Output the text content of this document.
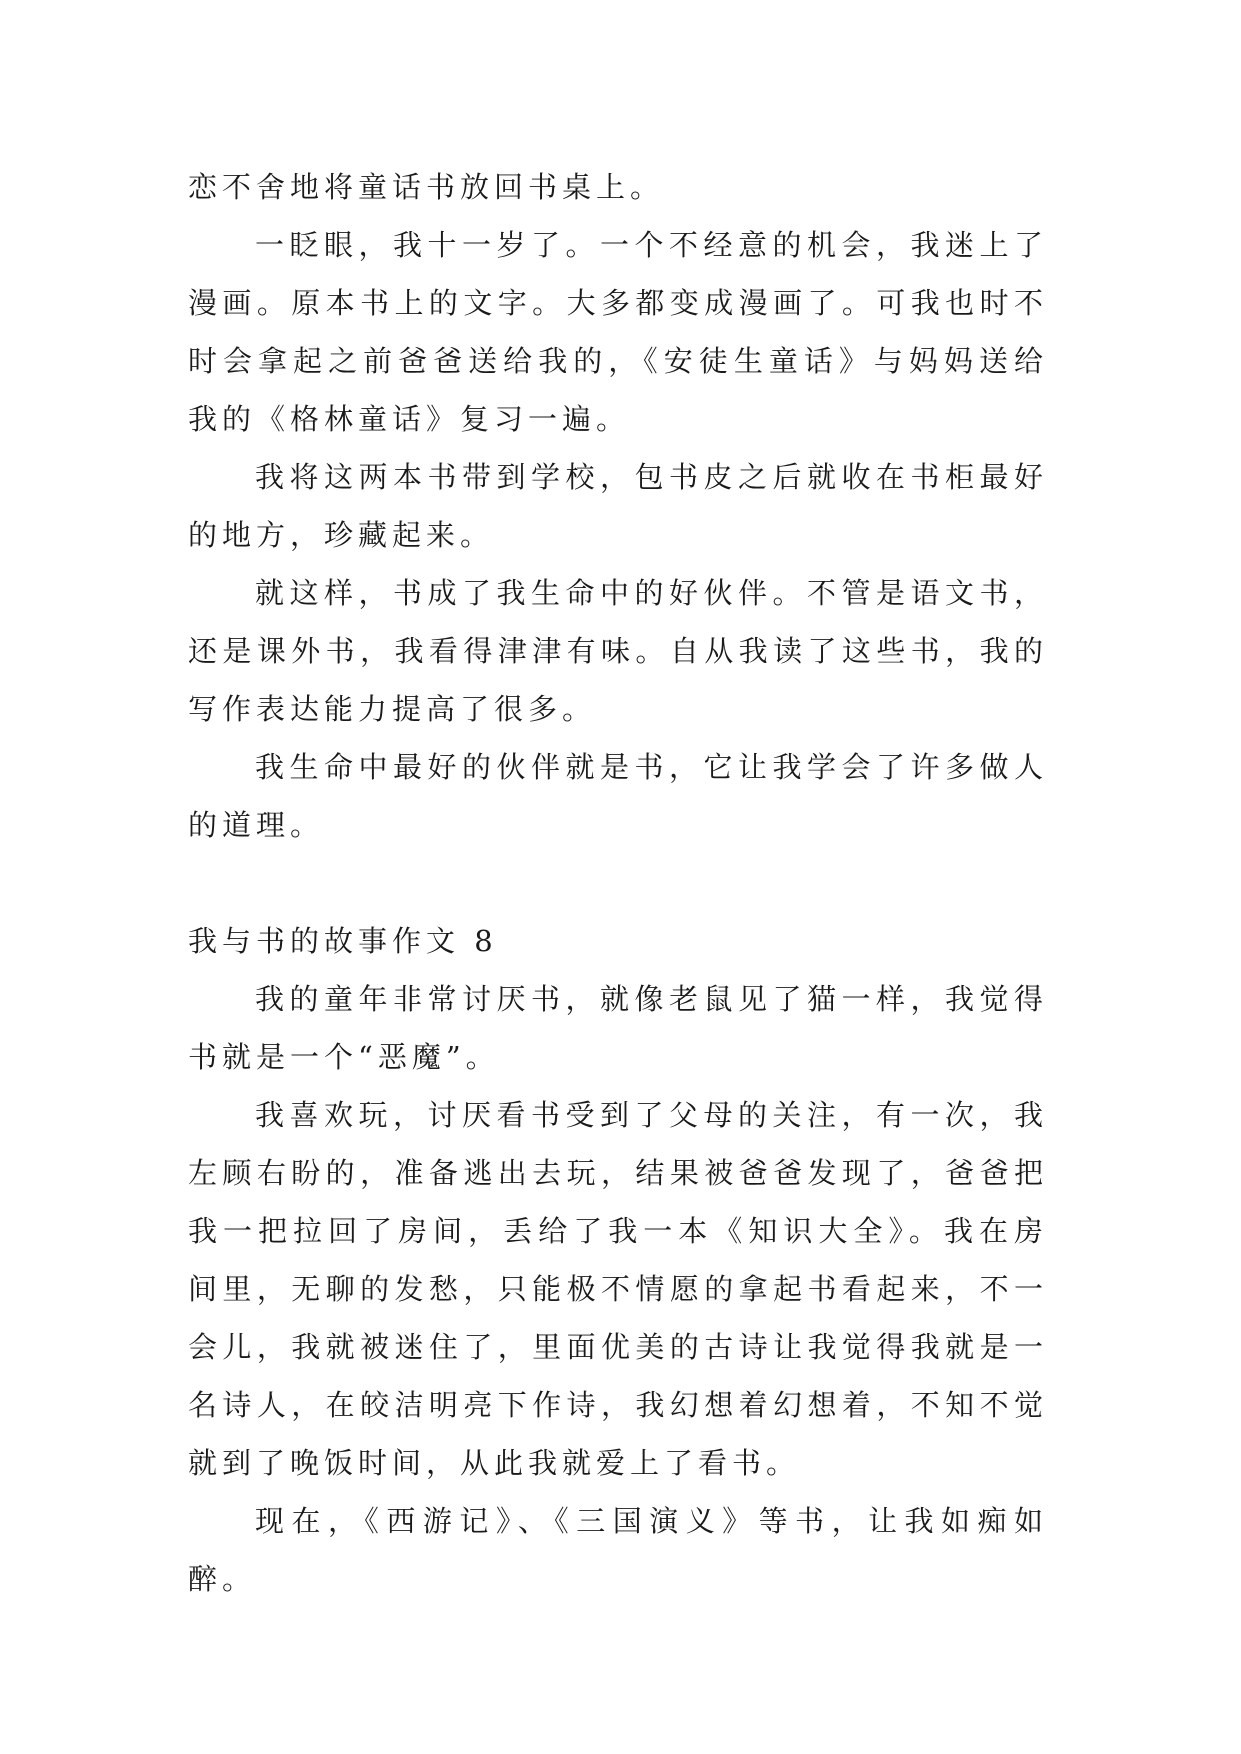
恋不舍地将童话书放回书桌上。

一眨眼，我十一岁了。一个不经意的机会，我迷上了漫画。原本书上的文字。大多都变成漫画了。可我也时不时会拿起之前爸爸送给我的，《安徒生童话》与妈妈送给我的《格林童话》复习一遍。

我将这两本书带到学校，包书皮之后就收在书柜最好的地方，珍藏起来。

就这样，书成了我生命中的好伙伴。不管是语文书，还是课外书，我看得津津有味。自从我读了这些书，我的写作表达能力提高了很多。

我生命中最好的伙伴就是书，它让我学会了许多做人的道理。

我与书的故事作文 8

我的童年非常讨厌书，就像老鼠见了猫一样，我觉得书就是一个“恶魔”。

我喜欢玩，讨厌看书受到了父母的关注，有一次，我左顾右盼的，准备逃出去玩，结果被爸爸发现了，爸爸把我一把拉回了房间，丢给了我一本《知识大全》。我在房间里，无聊的发愁，只能极不情愿的拿起书看起来，不一会儿，我就被迷住了，里面优美的古诗让我觉得我就是一名诗人，在皎洁明亮下作诗，我幻想着幻想着，不知不觉就到了晚饭时间，从此我就爱上了看书。

现在，《西游记》、《三国演义》等书，让我如痴如醉。
